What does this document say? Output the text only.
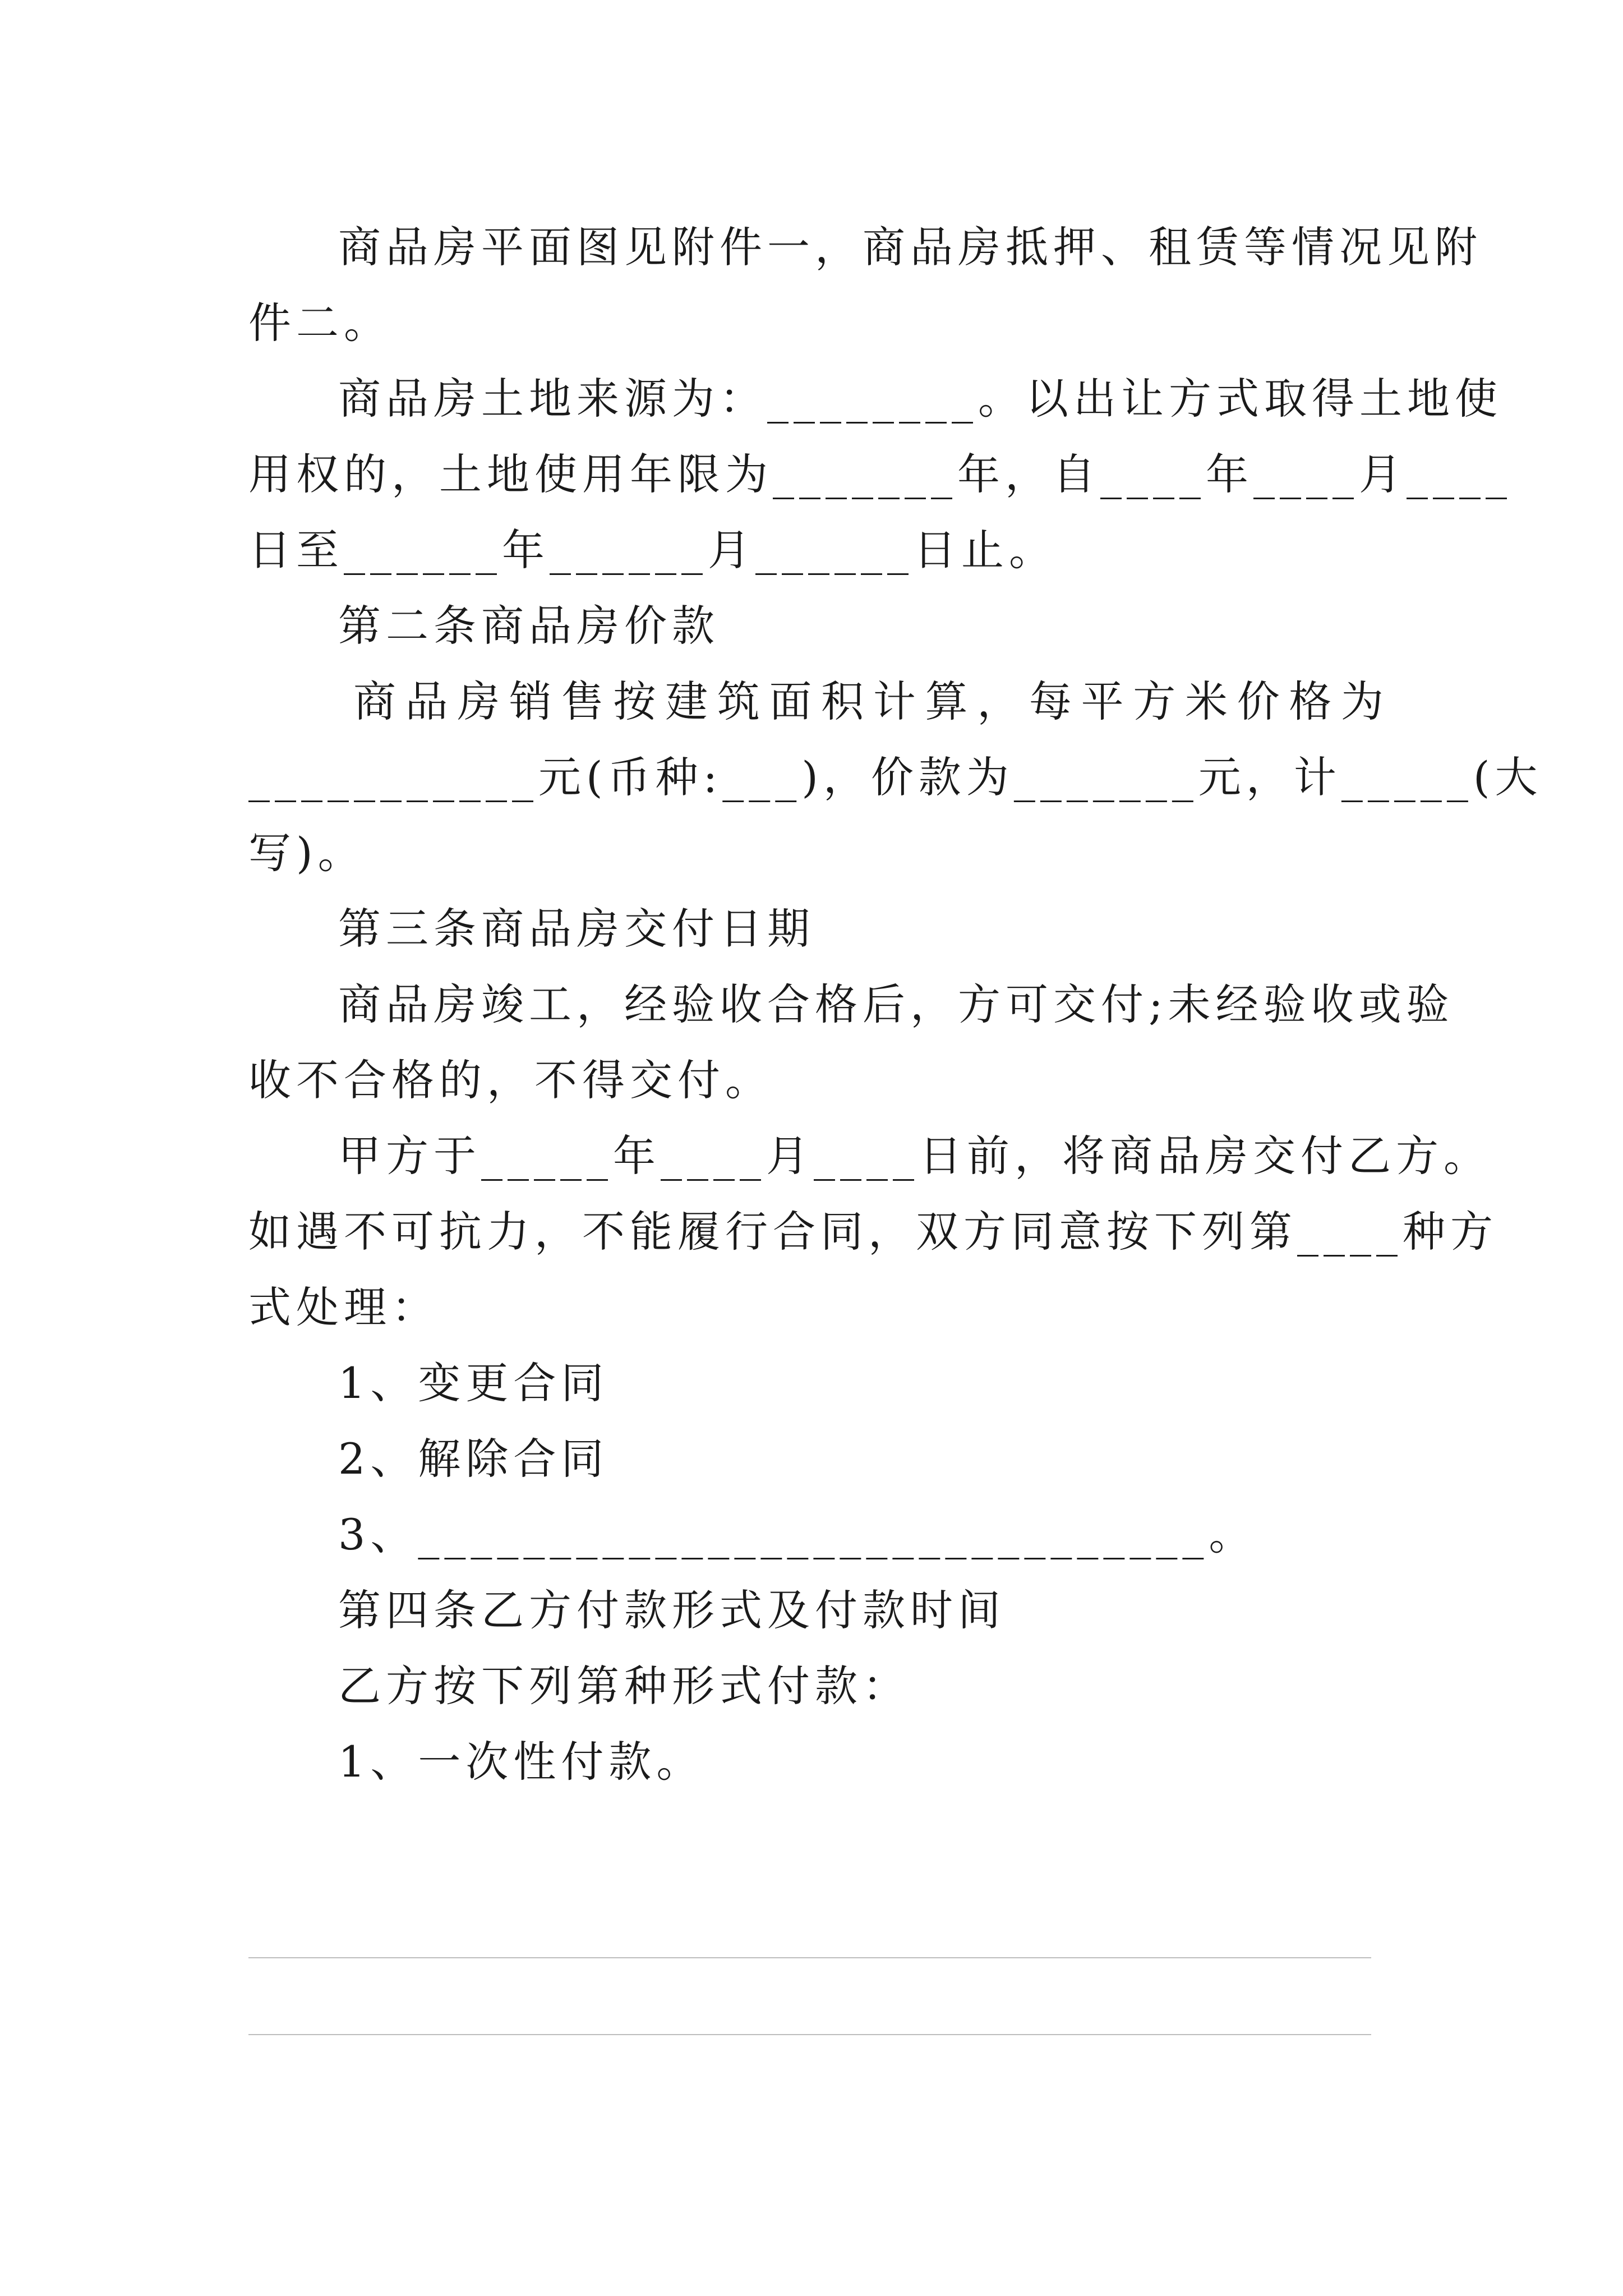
商品房平面图见附件一，商品房抵押、租赁等情况见附
件二。
商品房土地来源为：________。以出让方式取得土地使
用权的，土地使用年限为_______年，自____年____月____
日至______年______月______日止。
第二条商品房价款
商品房销售按建筑面积计算，每平方米价格为
___________元(币种:___)，价款为_______元，计_____(大
写)。
第三条商品房交付日期
商品房竣工，经验收合格后，方可交付;未经验收或验
收不合格的，不得交付。
甲方于_____年____月____日前，将商品房交付乙方。
如遇不可抗力，不能履行合同，双方同意按下列第____种方
式处理：
1、变更合同
2、解除合同
3、______________________________。
第四条乙方付款形式及付款时间
乙方按下列第种形式付款：
1、一次性付款。
